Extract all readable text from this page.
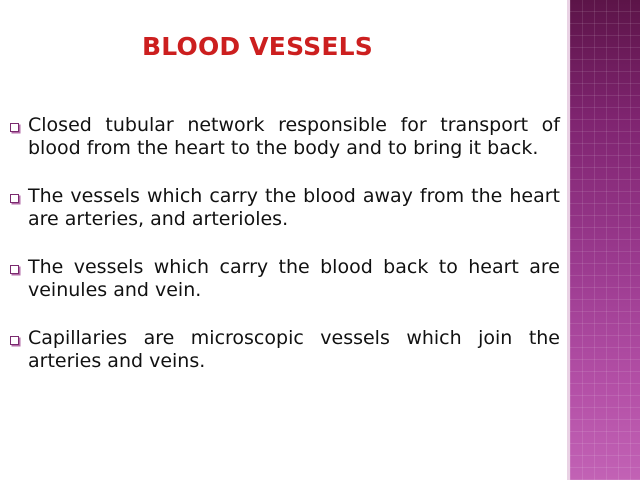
BLOOD VESSELS
Closed tubular network responsible for transport of blood from the heart to the body and to bring it back.
The vessels which carry the blood away from the heart are arteries, and arterioles.
The vessels which carry the blood back to heart are veinules and vein.
Capillaries are microscopic vessels which join the arteries and veins.
